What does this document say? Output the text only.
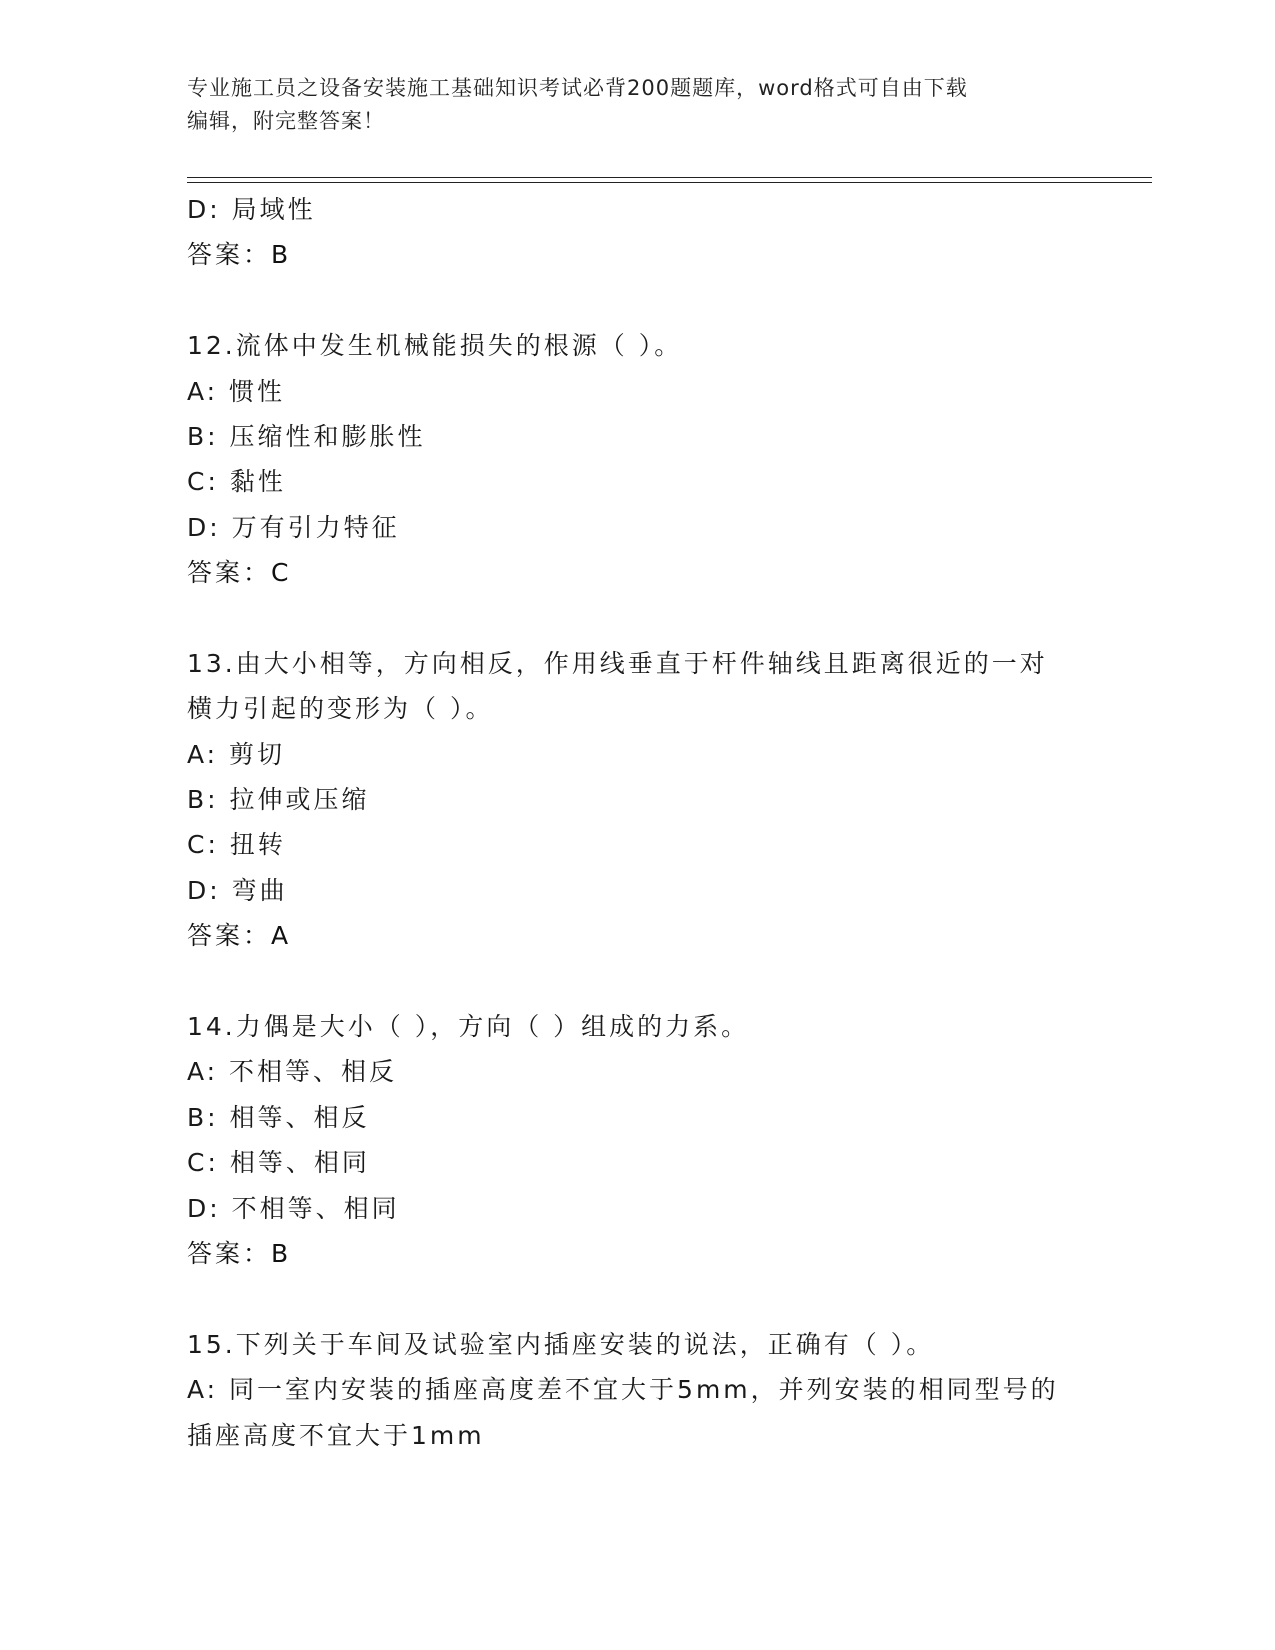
专业施工员之设备安装施工基础知识考试必背200题题库，word格式可自由下载
编辑，附完整答案！
D: 局域性
答案：B
12.流体中发生机械能损失的根源（ ）。
A: 惯性
B: 压缩性和膨胀性
C: 黏性
D: 万有引力特征
答案：C
13.由大小相等，方向相反，作用线垂直于杆件轴线且距离很近的一对
横力引起的变形为（ ）。
A: 剪切
B: 拉伸或压缩
C: 扭转
D: 弯曲
答案：A
14.力偶是大小（ ），方向（ ）组成的力系。
A: 不相等、相反
B: 相等、相反
C: 相等、相同
D: 不相等、相同
答案：B
15.下列关于车间及试验室内插座安装的说法，正确有（ ）。
A: 同一室内安装的插座高度差不宜大于5mm，并列安装的相同型号的
插座高度不宜大于1mm
